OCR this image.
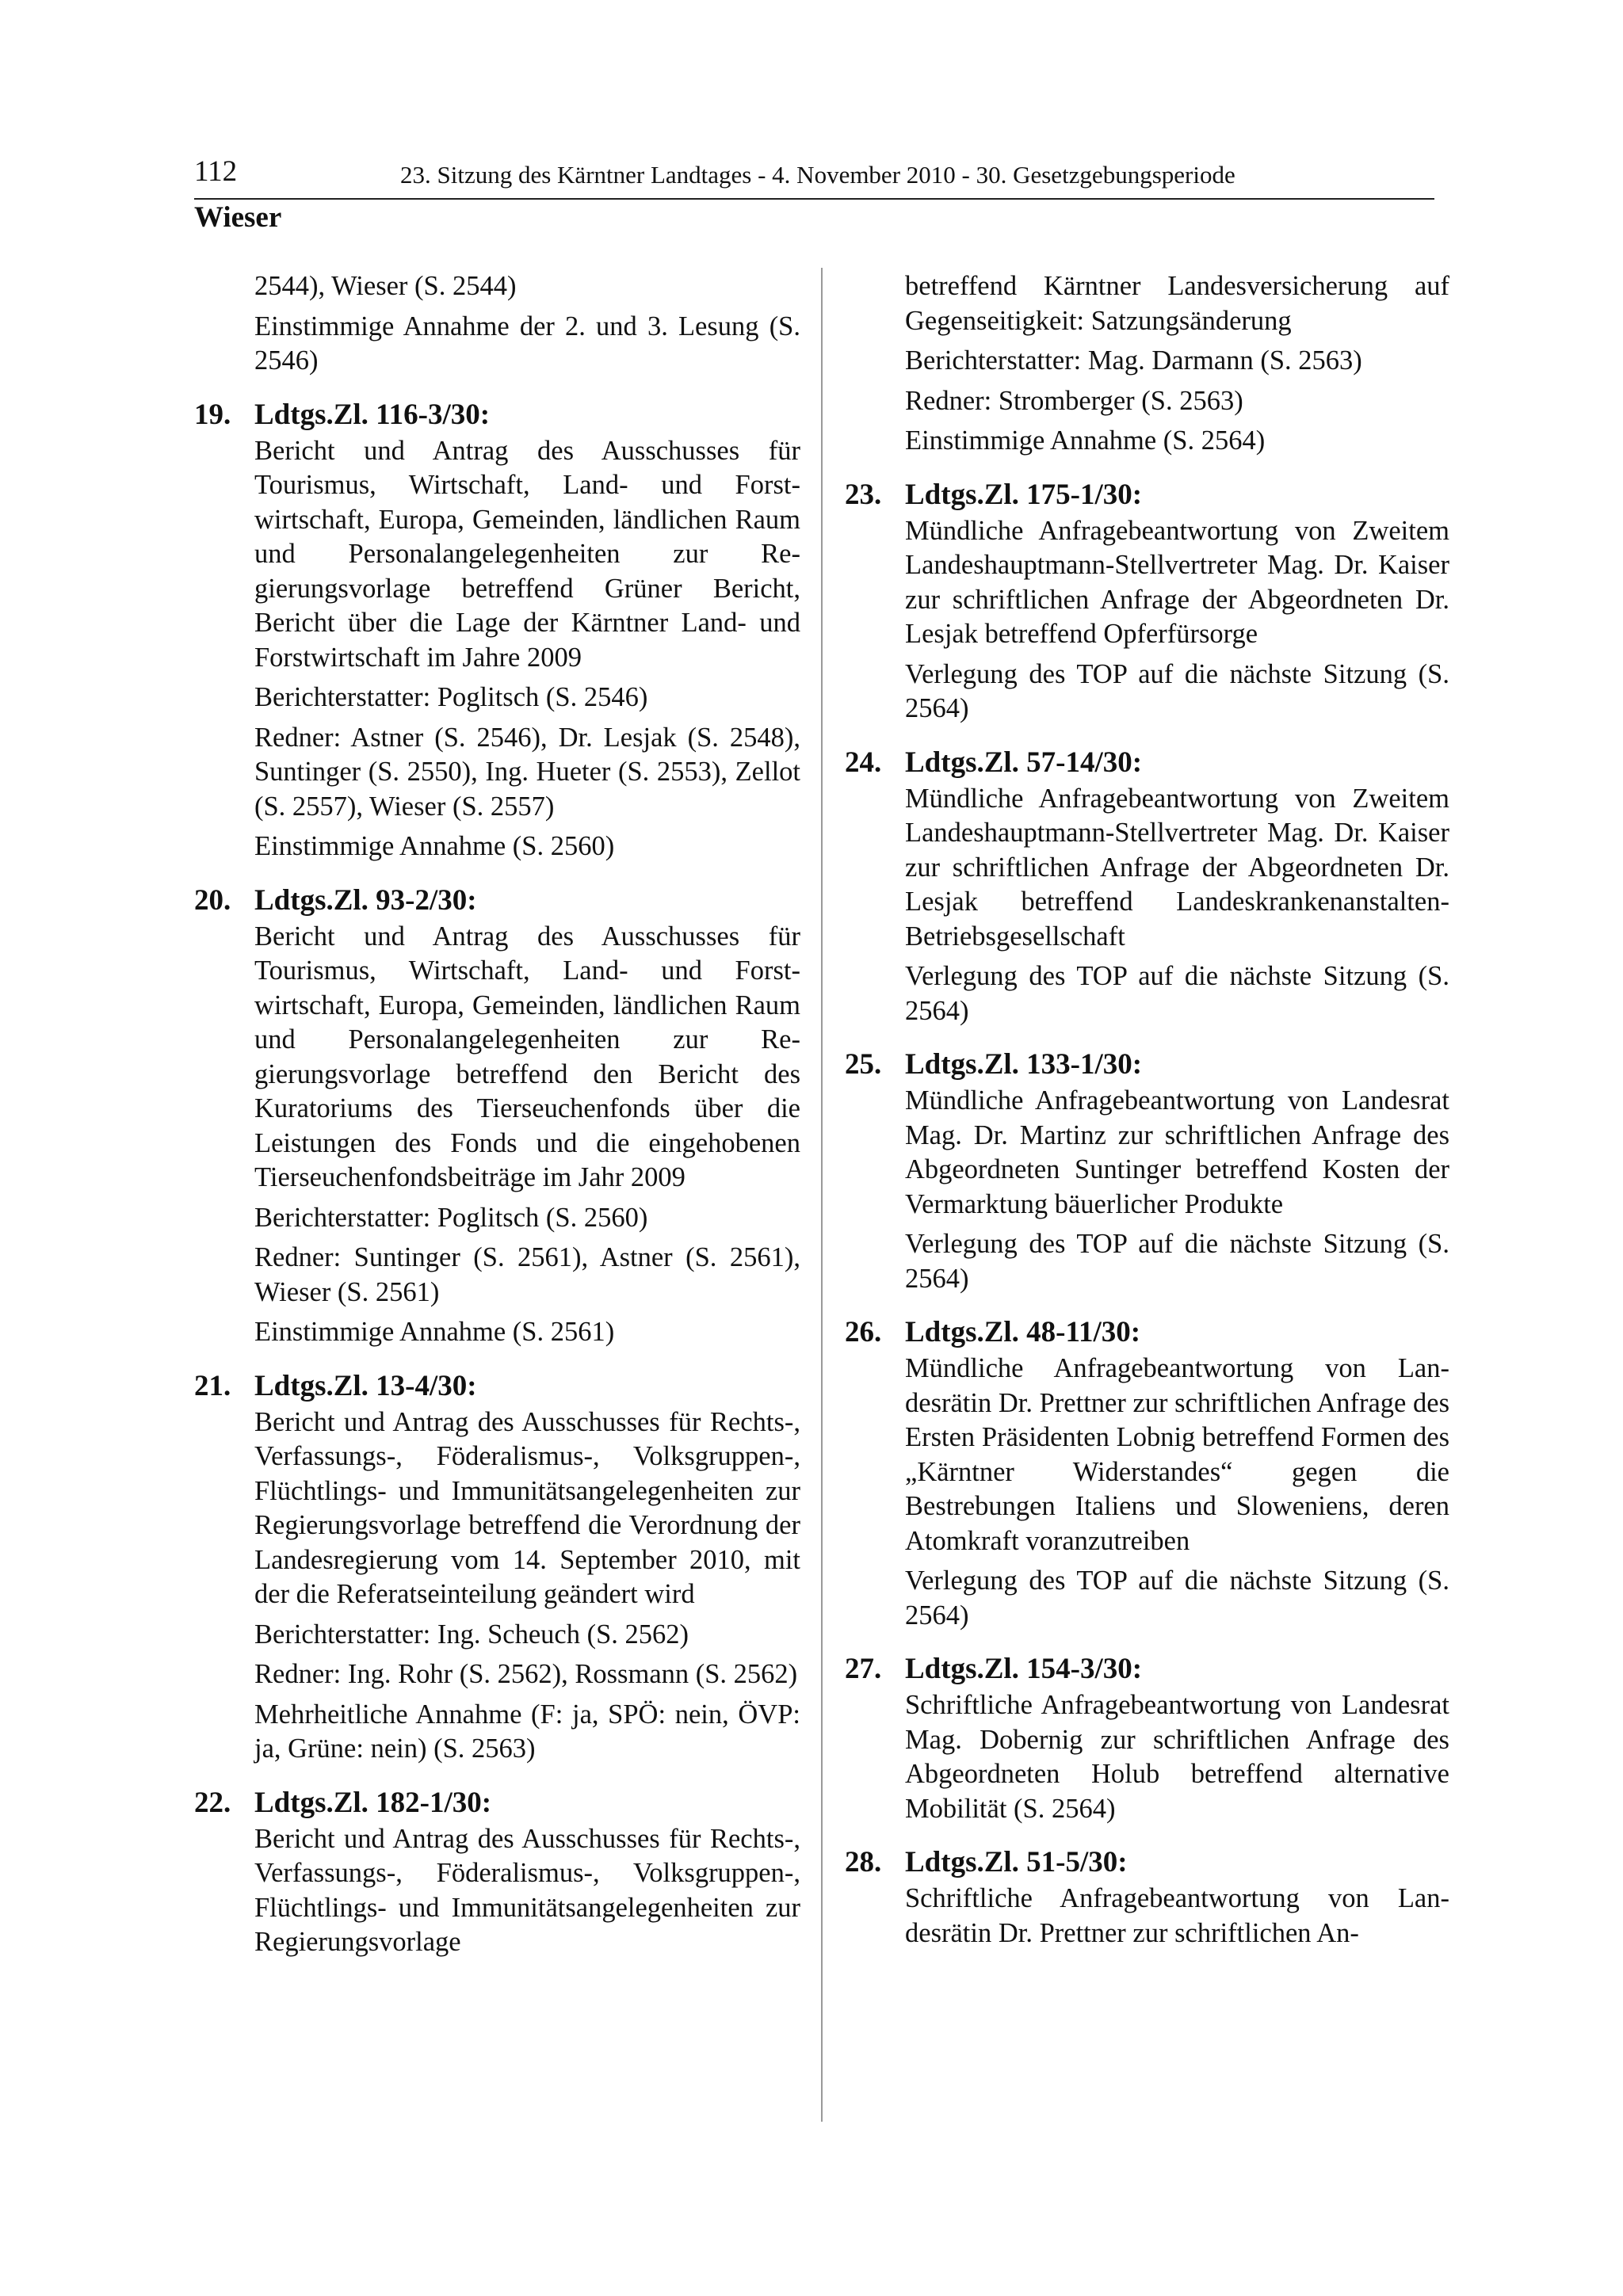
112	23. Sitzung des Kärntner Landtages - 4. November 2010 - 30. Gesetzgebungsperiode
Wieser
2544), Wieser (S. 2544)
Einstimmige Annahme der 2. und 3. Lesung (S. 2546)
19. Ldtgs.Zl. 116-3/30:
Bericht und Antrag des Ausschusses für Tourismus, Wirtschaft, Land- und Forstwirtschaft, Europa, Gemeinden, ländlichen Raum und Personalangelegenheiten zur Regierungsvorlage betreffend Grüner Bericht, Bericht über die Lage der Kärntner Land- und Forstwirtschaft im Jahre 2009
Berichterstatter: Poglitsch (S. 2546)
Redner: Astner (S. 2546), Dr. Lesjak (S. 2548), Suntinger (S. 2550), Ing. Hueter (S. 2553), Zellot (S. 2557), Wieser (S. 2557)
Einstimmige Annahme (S. 2560)
20. Ldtgs.Zl. 93-2/30:
Bericht und Antrag des Ausschusses für Tourismus, Wirtschaft, Land- und Forstwirtschaft, Europa, Gemeinden, ländlichen Raum und Personalangelegenheiten zur Regierungsvorlage betreffend den Bericht des Kuratoriums des Tierseuchenfonds über die Leistungen des Fonds und die eingehobenen Tierseuchenfondsbeiträge im Jahr 2009
Berichterstatter: Poglitsch (S. 2560)
Redner: Suntinger (S. 2561), Astner (S. 2561), Wieser (S. 2561)
Einstimmige Annahme (S. 2561)
21. Ldtgs.Zl. 13-4/30:
Bericht und Antrag des Ausschusses für Rechts-, Verfassungs-, Föderalismus-, Volksgruppen-, Flüchtlings- und Immunitätsangelegenheiten zur Regierungsvorlage betreffend die Verordnung der Landesregierung vom 14. September 2010, mit der die Referatseinteilung geändert wird
Berichterstatter: Ing. Scheuch (S. 2562)
Redner: Ing. Rohr (S. 2562), Rossmann (S. 2562)
Mehrheitliche Annahme (F: ja, SPÖ: nein, ÖVP: ja, Grüne: nein) (S. 2563)
22. Ldtgs.Zl. 182-1/30:
Bericht und Antrag des Ausschusses für Rechts-, Verfassungs-, Föderalismus-, Volksgruppen-, Flüchtlings- und Immunitätsangelegenheiten zur Regierungsvorlage
betreffend Kärntner Landesversicherung auf Gegenseitigkeit: Satzungsänderung
Berichterstatter: Mag. Darmann (S. 2563)
Redner: Stromberger (S. 2563)
Einstimmige Annahme (S. 2564)
23. Ldtgs.Zl. 175-1/30:
Mündliche Anfragebeantwortung von Zweitem Landeshauptmann-Stellvertreter Mag. Dr. Kaiser zur schriftlichen Anfrage der Abgeordneten Dr. Lesjak betreffend Opferfürsorge
Verlegung des TOP auf die nächste Sitzung (S. 2564)
24. Ldtgs.Zl. 57-14/30:
Mündliche Anfragebeantwortung von Zweitem Landeshauptmann-Stellvertreter Mag. Dr. Kaiser zur schriftlichen Anfrage der Abgeordneten Dr. Lesjak betreffend Landeskrankenanstalten-Betriebsgesellschaft
Verlegung des TOP auf die nächste Sitzung (S. 2564)
25. Ldtgs.Zl. 133-1/30:
Mündliche Anfragebeantwortung von Landesrat Mag. Dr. Martinz zur schriftlichen Anfrage des Abgeordneten Suntinger betreffend Kosten der Vermarktung bäuerlicher Produkte
Verlegung des TOP auf die nächste Sitzung (S. 2564)
26. Ldtgs.Zl. 48-11/30:
Mündliche Anfragebeantwortung von Landesrätin Dr. Prettner zur schriftlichen Anfrage des Ersten Präsidenten Lobnig betreffend Formen des „Kärntner Widerstandes“ gegen die Bestrebungen Italiens und Sloweniens, deren Atomkraft voranzutreiben
Verlegung des TOP auf die nächste Sitzung (S. 2564)
27. Ldtgs.Zl. 154-3/30:
Schriftliche Anfragebeantwortung von Landesrat Mag. Dobernig zur schriftlichen Anfrage des Abgeordneten Holub betreffend alternative Mobilität (S. 2564)
28. Ldtgs.Zl. 51-5/30:
Schriftliche Anfragebeantwortung von Landesrätin Dr. Prettner zur schriftlichen An-
